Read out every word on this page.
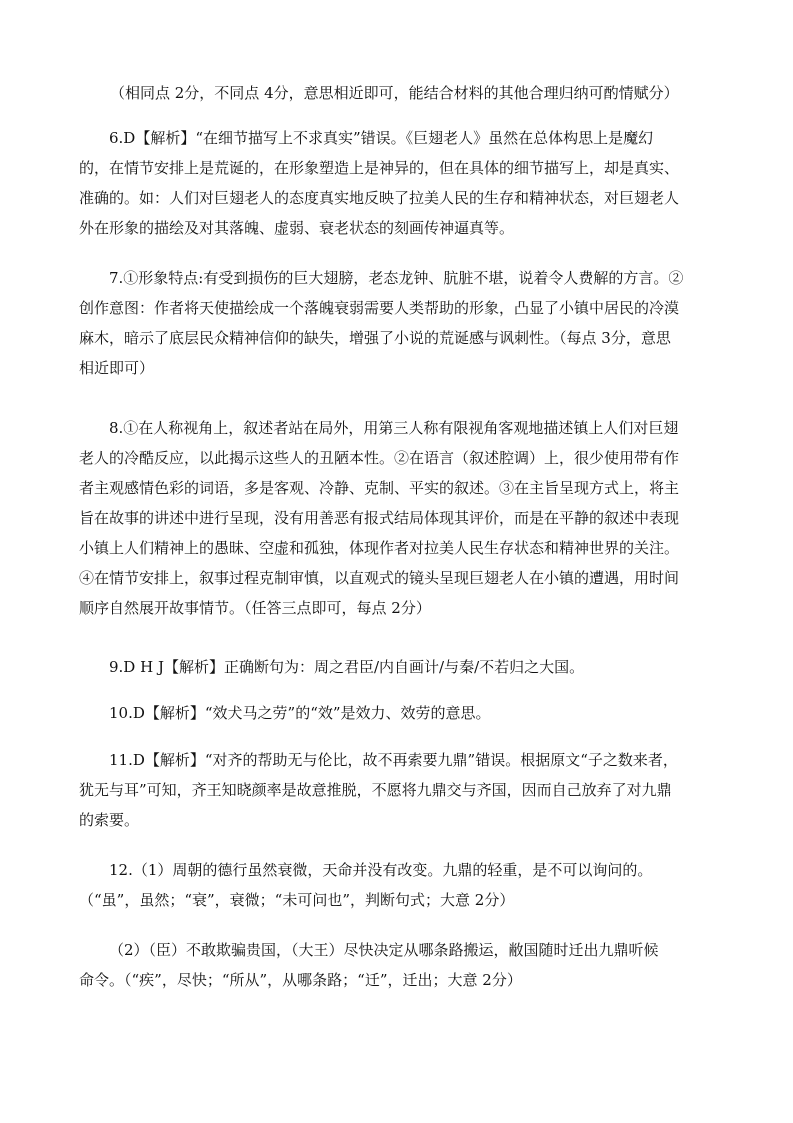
（相同点 2分，不同点 4分，意思相近即可，能结合材料的其他合理归纳可酌情赋分）
6.D【解析】“在细节描写上不求真实”错误。《巨翅老人》虽然在总体构思上是魔幻
的，在情节安排上是荒诞的，在形象塑造上是神异的，但在具体的细节描写上，却是真实、
准确的。如：人们对巨翅老人的态度真实地反映了拉美人民的生存和精神状态，对巨翅老人
外在形象的描绘及对其落魄、虚弱、衰老状态的刻画传神逼真等。
7.①形象特点:有受到损伤的巨大翅膀，老态龙钟、肮脏不堪，说着令人费解的方言。②
创作意图：作者将天使描绘成一个落魄衰弱需要人类帮助的形象，凸显了小镇中居民的冷漠
麻木，暗示了底层民众精神信仰的缺失，增强了小说的荒诞感与讽刺性。（每点 3分，意思
相近即可）
8.①在人称视角上，叙述者站在局外，用第三人称有限视角客观地描述镇上人们对巨翅
老人的冷酷反应，以此揭示这些人的丑陋本性。②在语言（叙述腔调）上，很少使用带有作
者主观感情色彩的词语，多是客观、冷静、克制、平实的叙述。③在主旨呈现方式上，将主
旨在故事的讲述中进行呈现，没有用善恶有报式结局体现其评价，而是在平静的叙述中表现
小镇上人们精神上的愚昧、空虚和孤独，体现作者对拉美人民生存状态和精神世界的关注。
④在情节安排上，叙事过程克制审慎，以直观式的镜头呈现巨翅老人在小镇的遭遇，用时间
顺序自然展开故事情节。（任答三点即可，每点 2分）
9.D H J【解析】正确断句为：周之君臣/内自画计/与秦/不若归之大国。
10.D【解析】“效犬马之劳”的“效”是效力、效劳的意思。
11.D【解析】“对齐的帮助无与伦比，故不再索要九鼎”错误。根据原文“子之数来者，
犹无与耳”可知，齐王知晓颜率是故意推脱，不愿将九鼎交与齐国，因而自己放弃了对九鼎
的索要。
12.（1）周朝的德行虽然衰微，天命并没有改变。九鼎的轻重，是不可以询问的。
（“虽”，虽然；“衰”，衰微；“未可问也”，判断句式；大意 2分）
（2）（臣）不敢欺骗贵国，（大王）尽快决定从哪条路搬运，敝国随时迁出九鼎听候
命令。（“疾”，尽快；“所从”，从哪条路；“迁”，迁出；大意 2分）
